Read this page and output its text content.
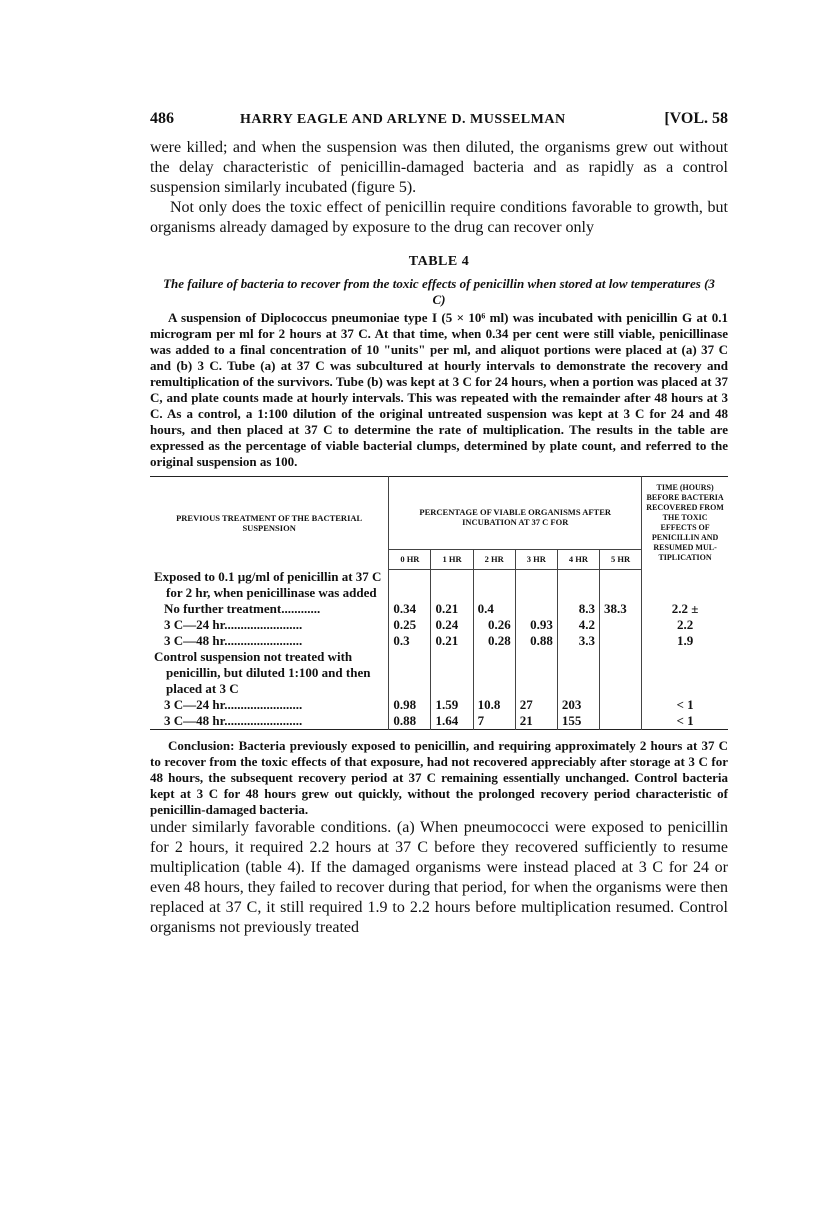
486	HARRY EAGLE AND ARLYNE D. MUSSELMAN	[VOL. 58

were killed; and when the suspension was then diluted, the organisms grew out without the delay characteristic of penicillin-damaged bacteria and as rapidly as a control suspension similarly incubated (figure 5).

Not only does the toxic effect of penicillin require conditions favorable to growth, but organisms already damaged by exposure to the drug can recover only

TABLE 4
The failure of bacteria to recover from the toxic effects of penicillin when stored at low temperatures (3 C)
A suspension of Diplococcus pneumoniae type I (5 × 10⁶ ml) was incubated with penicillin G at 0.1 microgram per ml for 2 hours at 37 C. At that time, when 0.34 per cent were still viable, penicillinase was added to a final concentration of 10 "units" per ml, and aliquot portions were placed at (a) 37 C and (b) 3 C. Tube (a) at 37 C was subcultured at hourly intervals to demonstrate the recovery and remultiplication of the survivors. Tube (b) was kept at 3 C for 24 hours, when a portion was placed at 37 C, and plate counts made at hourly intervals. This was repeated with the remainder after 48 hours at 3 C. As a control, a 1:100 dilution of the original untreated suspension was kept at 3 C for 24 and 48 hours, and then placed at 37 C to determine the rate of multiplication. The results in the table are expressed as the percentage of viable bacterial clumps, determined by plate count, and referred to the original suspension as 100.
PREVIOUS TREATMENT OF THE BACTERIAL SUSPENSION	PERCENTAGE OF VIABLE ORGANISMS AFTER INCUBATION AT 37 C FOR						TIME (HOURS) BEFORE BACTERIA RECOVERED FROM THE TOXIC EFFECTS OF PENICILLIN AND RESUMED MULTIPLICATION
	0 HR	1 HR	2 HR	3 HR	4 HR	5 HR	
Exposed to 0.1 µg/ml of penicillin at 37 C for 2 hr, when penicillinase was added							
No further treatment............	0.34	0.21	0.4		8.3	38.3	2.2 ±
3 C—24 hr........................	0.25	0.24	0.26	0.93	4.2		2.2
3 C—48 hr........................	0.3	0.21	0.28	0.88	3.3		1.9
Control suspension not treated with penicillin, but diluted 1:100 and then placed at 3 C							
3 C—24 hr........................	0.98	1.59	10.8	27	203		< 1
3 C—48 hr........................	0.88	1.64	7	21	155		< 1
Conclusion: Bacteria previously exposed to penicillin, and requiring approximately 2 hours at 37 C to recover from the toxic effects of that exposure, had not recovered appreciably after storage at 3 C for 48 hours, the subsequent recovery period at 37 C remaining essentially unchanged. Control bacteria kept at 3 C for 48 hours grew out quickly, without the prolonged recovery period characteristic of penicillin-damaged bacteria.

under similarly favorable conditions. (a) When pneumococci were exposed to penicillin for 2 hours, it required 2.2 hours at 37 C before they recovered sufficiently to resume multiplication (table 4). If the damaged organisms were instead placed at 3 C for 24 or even 48 hours, they failed to recover during that period, for when the organisms were then replaced at 37 C, it still required 1.9 to 2.2 hours before multiplication resumed. Control organisms not previously treated
